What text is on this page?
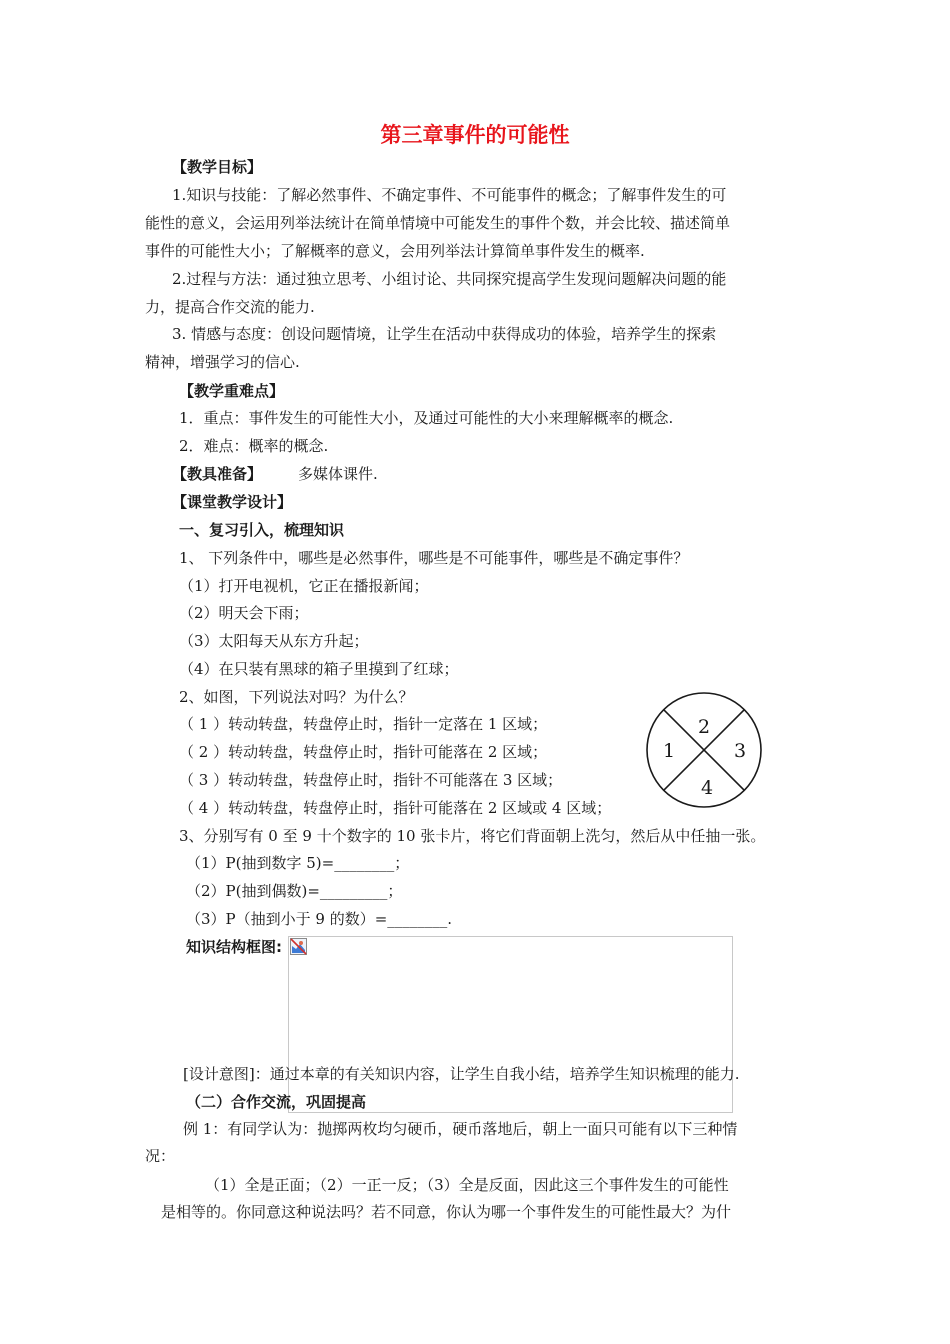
第三章事件的可能性
【教学目标】
1.知识与技能：了解必然事件、不确定事件、不可能事件的概念；了解事件发生的可
能性的意义，会运用列举法统计在简单情境中可能发生的事件个数，并会比较、描述简单
事件的可能性大小；了解概率的意义，会用列举法计算简单事件发生的概率.
2.过程与方法：通过独立思考、小组讨论、共同探究提高学生发现问题解决问题的能
力，提高合作交流的能力.
3. 情感与态度：创设问题情境，让学生在活动中获得成功的体验，培养学生的探索
精神，增强学习的信心.
【教学重难点】
1．重点：事件发生的可能性大小，及通过可能性的大小来理解概率的概念.
2．难点：概率的概念.
【教具准备】 多媒体课件.
【课堂教学设计】
一、复习引入，梳理知识
1、 下列条件中，哪些是必然事件，哪些是不可能事件，哪些是不确定事件？
（1）打开电视机，它正在播报新闻；
（2）明天会下雨；
（3）太阳每天从东方升起；
（4）在只装有黑球的箱子里摸到了红球；
2、如图，下列说法对吗？为什么？
（ 1 ）转动转盘，转盘停止时，指针一定落在 1 区域；
（ 2 ）转动转盘，转盘停止时，指针可能落在 2 区域；
（ 3 ）转动转盘，转盘停止时，指针不可能落在 3 区域；
（ 4 ）转动转盘，转盘停止时，指针可能落在 2 区域或 4 区域；
2
1	3
4
3、分别写有 0 至 9 十个数字的 10 张卡片，将它们背面朝上洗匀，然后从中任抽一张。
（1）P(抽到数字 5)=________；
（2）P(抽到偶数)=_________；
（3）P（抽到小于 9 的数）=________.
知识结构框图:
[设计意图]：通过本章的有关知识内容，让学生自我小结，培养学生知识梳理的能力.
（二）合作交流，巩固提高
例 1：有同学认为：抛掷两枚均匀硬币，硬币落地后，朝上一面只可能有以下三种情
况：
（1）全是正面；（2）一正一反；（3）全是反面，因此这三个事件发生的可能性
是相等的。你同意这种说法吗？若不同意，你认为哪一个事件发生的可能性最大？为什
